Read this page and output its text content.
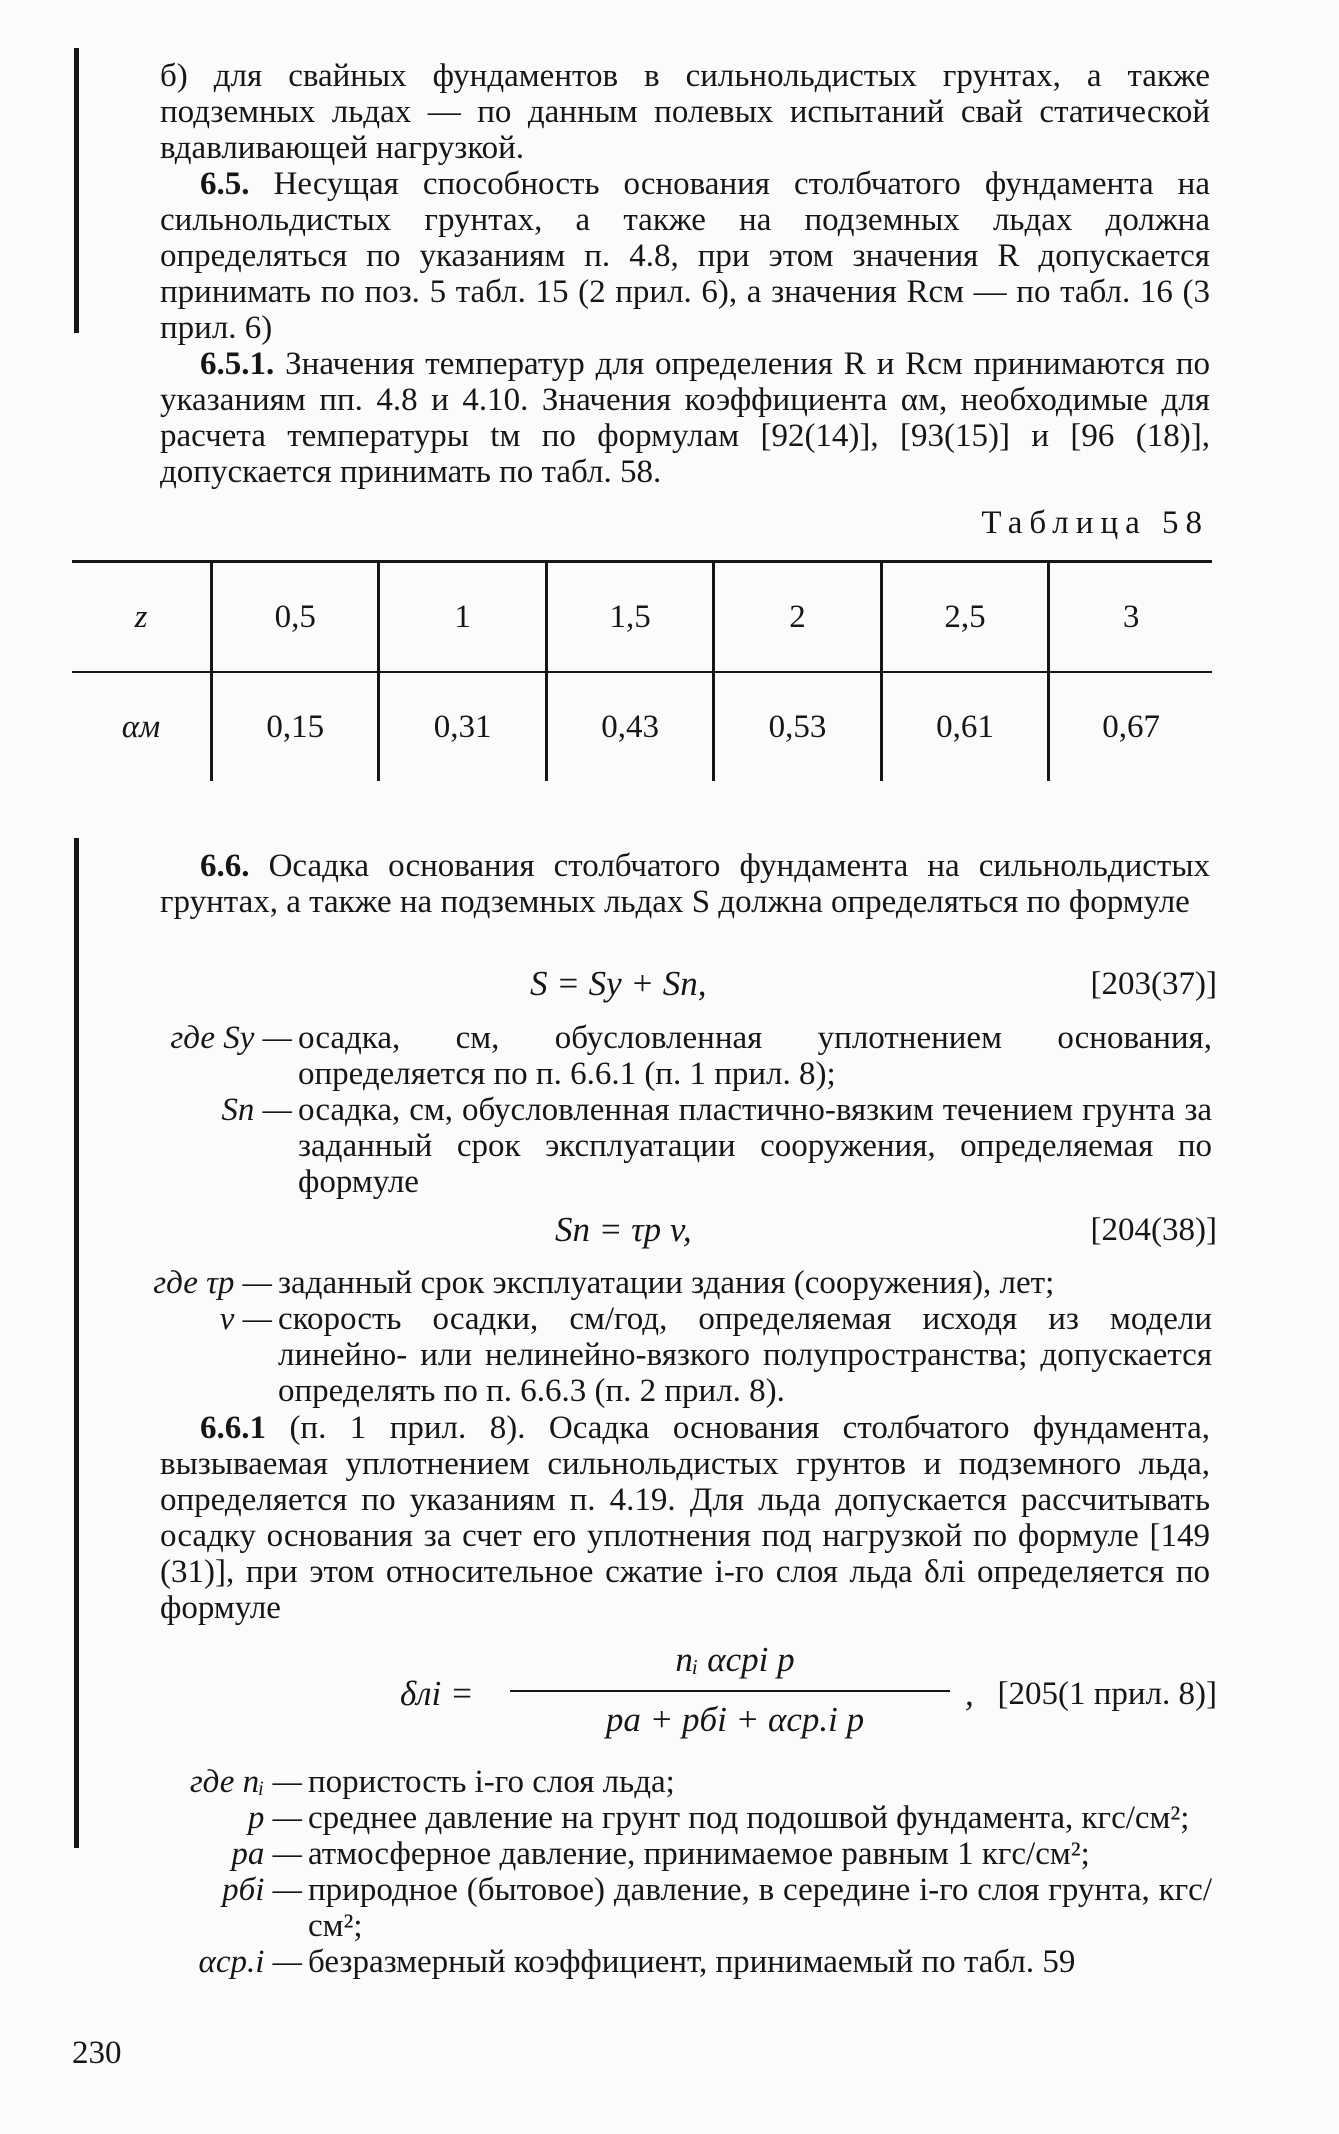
б) для свайных фундаментов в сильнольдистых грунтах, а также подземных льдах — по данным полевых испытаний свай статической вдавливающей нагрузкой.

6.5. Несущая способность основания столбчатого фундамента на сильнольдистых грунтах, а также на подземных льдах должна определяться по указаниям п. 4.8, при этом значения R допускается принимать по поз. 5 табл. 15 (2 прил. 6), а значения Rсм — по табл. 16 (3 прил. 6)

6.5.1. Значения температур для определения R и Rсм принимаются по указаниям пп. 4.8 и 4.10. Значения коэффициента αм, необходимые для расчета температуры tм по формулам [92(14)], [93(15)] и [96 (18)], допускается принимать по табл. 58.

Таблица 58
z	0,5	1	1,5	2	2,5	3
αм	0,15	0,31	0,43	0,53	0,61	0,67

6.6. Осадка основания столбчатого фундамента на сильнольдистых грунтах, а также на подземных льдах S должна определяться по формуле

S = Sу + Sп,	[203(37)]
где Sу — осадка, см, обусловленная уплотнением основания, определяется по п. 6.6.1 (п. 1 прил. 8);
Sп — осадка, см, обусловленная пластично-вязким течением грунта за заданный срок эксплуатации сооружения, определяемая по формуле
Sп = τр v,	[204(38)]
где τр — заданный срок эксплуатации здания (сооружения), лет;
v — скорость осадки, см/год, определяемая исходя из модели линейно- или нелинейно-вязкого полупространства; допускается определять по п. 6.6.3 (п. 2 прил. 8).

6.6.1 (п. 1 прил. 8). Осадка основания столбчатого фундамента, вызываемая уплотнением сильнольдистых грунтов и подземного льда, определяется по указаниям п. 4.19. Для льда допускается рассчитывать осадку основания за счет его уплотнения под нагрузкой по формуле [149 (31)], при этом относительное сжатие i-го слоя льда δлi определяется по формуле

δлi =
nᵢ αсрi p
pа + pбi + αср.i p
, [205(1 прил. 8)]
где nᵢ — пористость i-го слоя льда;
p — среднее давление на грунт под подошвой фундамента, кгс/см²;
pа — атмосферное давление, принимаемое равным 1 кгс/см²;
pбi — природное (бытовое) давление, в середине i-го слоя грунта, кгс/см²;
αср.i — безразмерный коэффициент, принимаемый по табл. 59
230
